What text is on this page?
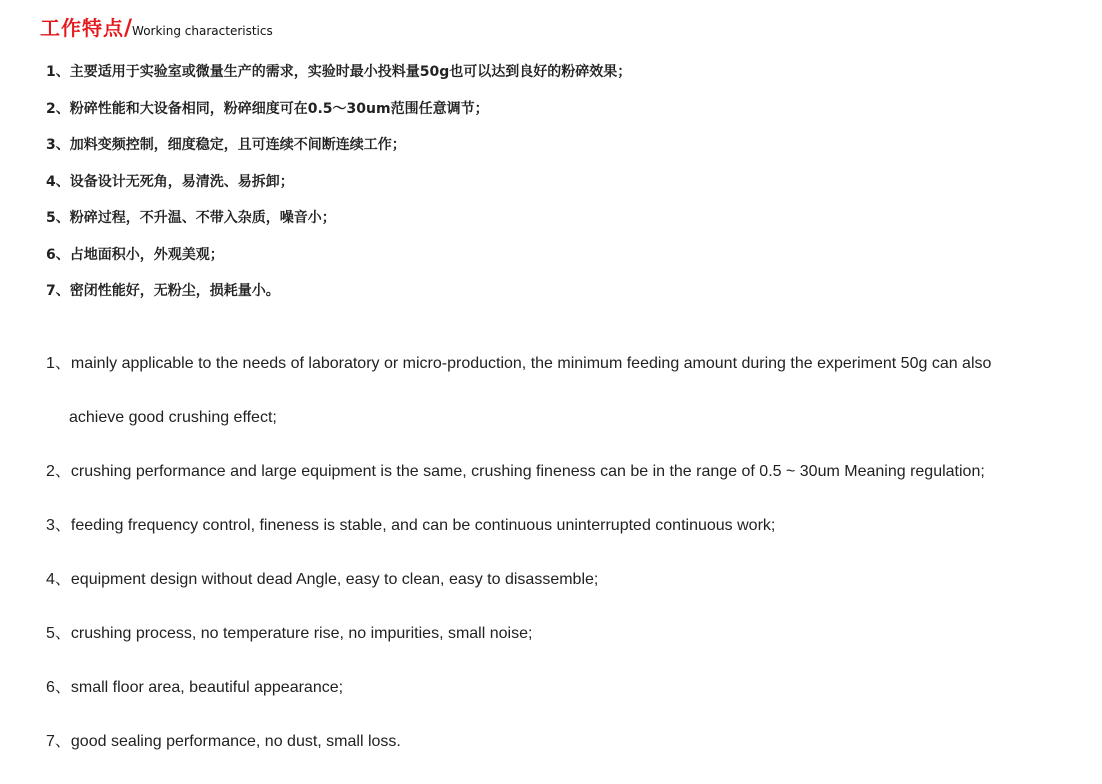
工作特点/Working characteristics
1、主要适用于实验室或微量生产的需求，实验时最小投料量50g也可以达到良好的粉碎效果；
2、粉碎性能和大设备相同，粉碎细度可在0.5～30um范围任意调节；
3、加料变频控制，细度稳定，且可连续不间断连续工作；
4、设备设计无死角，易清洗、易拆卸；
5、粉碎过程，不升温、不带入杂质，噪音小；
6、占地面积小，外观美观；
7、密闭性能好，无粉尘，损耗量小。
1、mainly applicable to the needs of laboratory or micro-production, the minimum feeding amount during the experiment 50g can also
achieve good crushing effect;
2、crushing performance and large equipment is the same, crushing fineness can be in the range of 0.5 ~ 30um Meaning regulation;
3、feeding frequency control, fineness is stable, and can be continuous uninterrupted continuous work;
4、equipment design without dead Angle, easy to clean, easy to disassemble;
5、crushing process, no temperature rise, no impurities, small noise;
6、small floor area, beautiful appearance;
7、good sealing performance, no dust, small loss.
